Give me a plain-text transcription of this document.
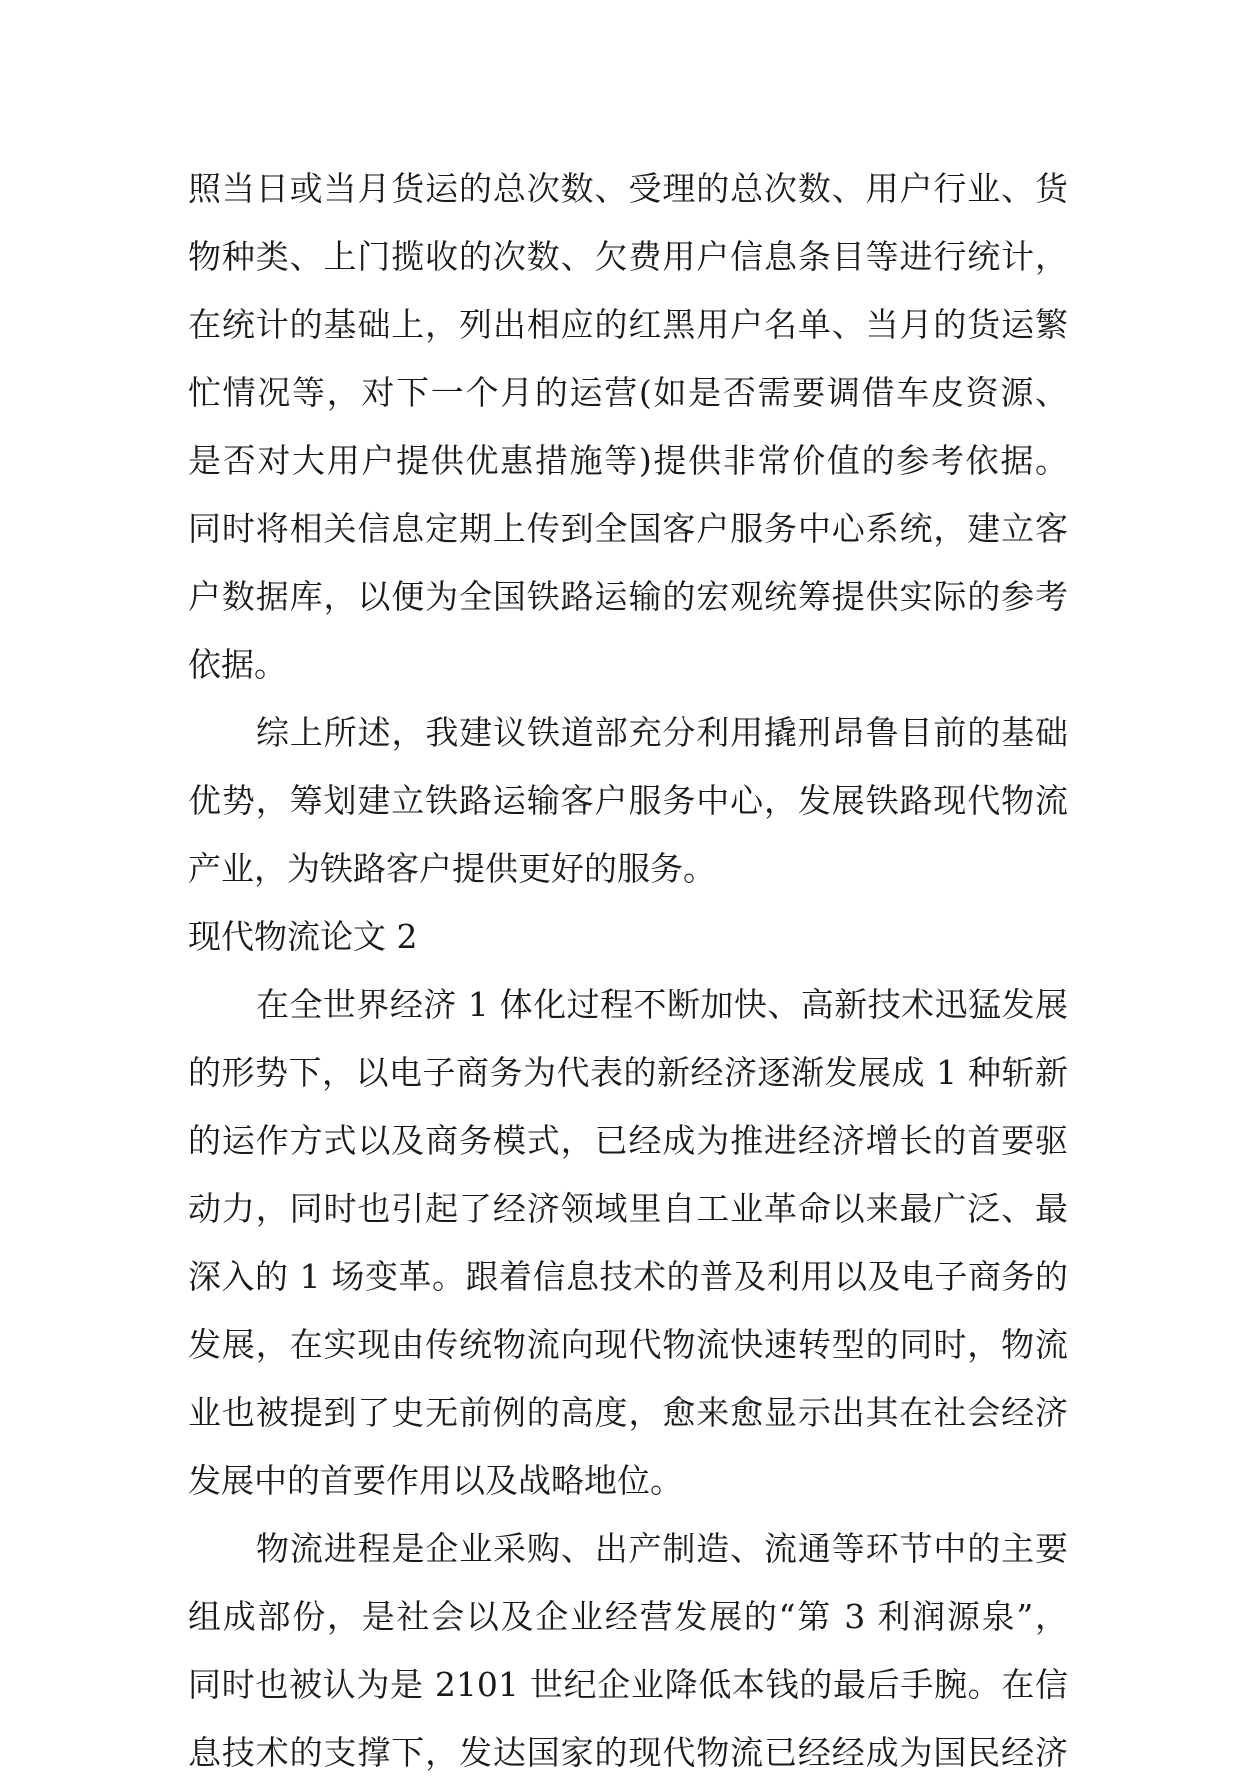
照当日或当月货运的总次数、受理的总次数、用户行业、货
物种类、上门揽收的次数、欠费用户信息条目等进行统计，
在统计的基础上，列出相应的红黑用户名单、当月的货运繁
忙情况等，对下一个月的运营(如是否需要调借车皮资源、
是否对大用户提供优惠措施等)提供非常价值的参考依据。
同时将相关信息定期上传到全国客户服务中心系统，建立客
户数据库，以便为全国铁路运输的宏观统筹提供实际的参考
依据。
综上所述，我建议铁道部充分利用撬刑昂鲁目前的基础
优势，筹划建立铁路运输客户服务中心，发展铁路现代物流
产业，为铁路客户提供更好的服务。
现代物流论文 2
在全世界经济 1 体化过程不断加快、高新技术迅猛发展
的形势下，以电子商务为代表的新经济逐渐发展成 1 种斩新
的运作方式以及商务模式，已经成为推进经济增长的首要驱
动力，同时也引起了经济领域里自工业革命以来最广泛、最
深入的 1 场变革。跟着信息技术的普及利用以及电子商务的
发展，在实现由传统物流向现代物流快速转型的同时，物流
业也被提到了史无前例的高度，愈来愈显示出其在社会经济
发展中的首要作用以及战略地位。
物流进程是企业采购、出产制造、流通等环节中的主要
组成部份，是社会以及企业经营发展的“第 3 利润源泉”，
同时也被认为是 2101 世纪企业降低本钱的最后手腕。在信
息技术的支撑下，发达国家的现代物流已经经成为国民经济
